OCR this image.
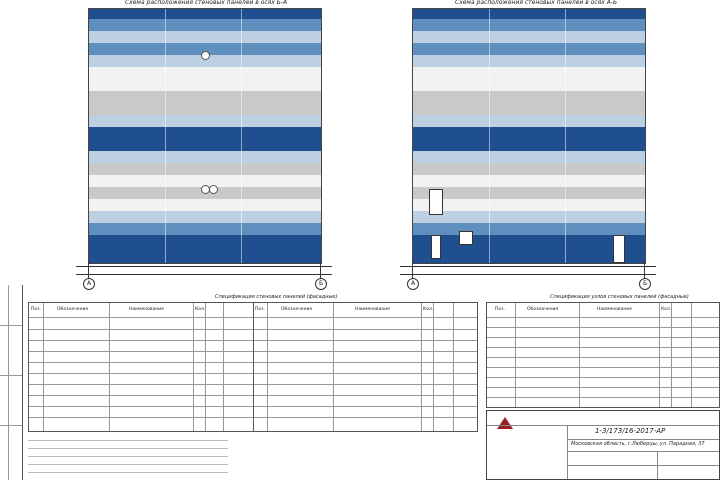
Схема расположения стеновых панелей в осях Б-А
А	Б
Схема расположения стеновых панелей в осях А-Б
А	Б
Спецификация стеновых панелей (фасадные)
Поз.	Обозначение	Наименование	Кол.	Поз.	Обозначение	Наименование	Кол.
Спецификация узлов стеновых панелей (фасадные)
Поз.	Обозначение	Наименование	Кол.
1-3/173/16-2017-АР
Московская область, г.Люберцы, ул. Парадная, 37
